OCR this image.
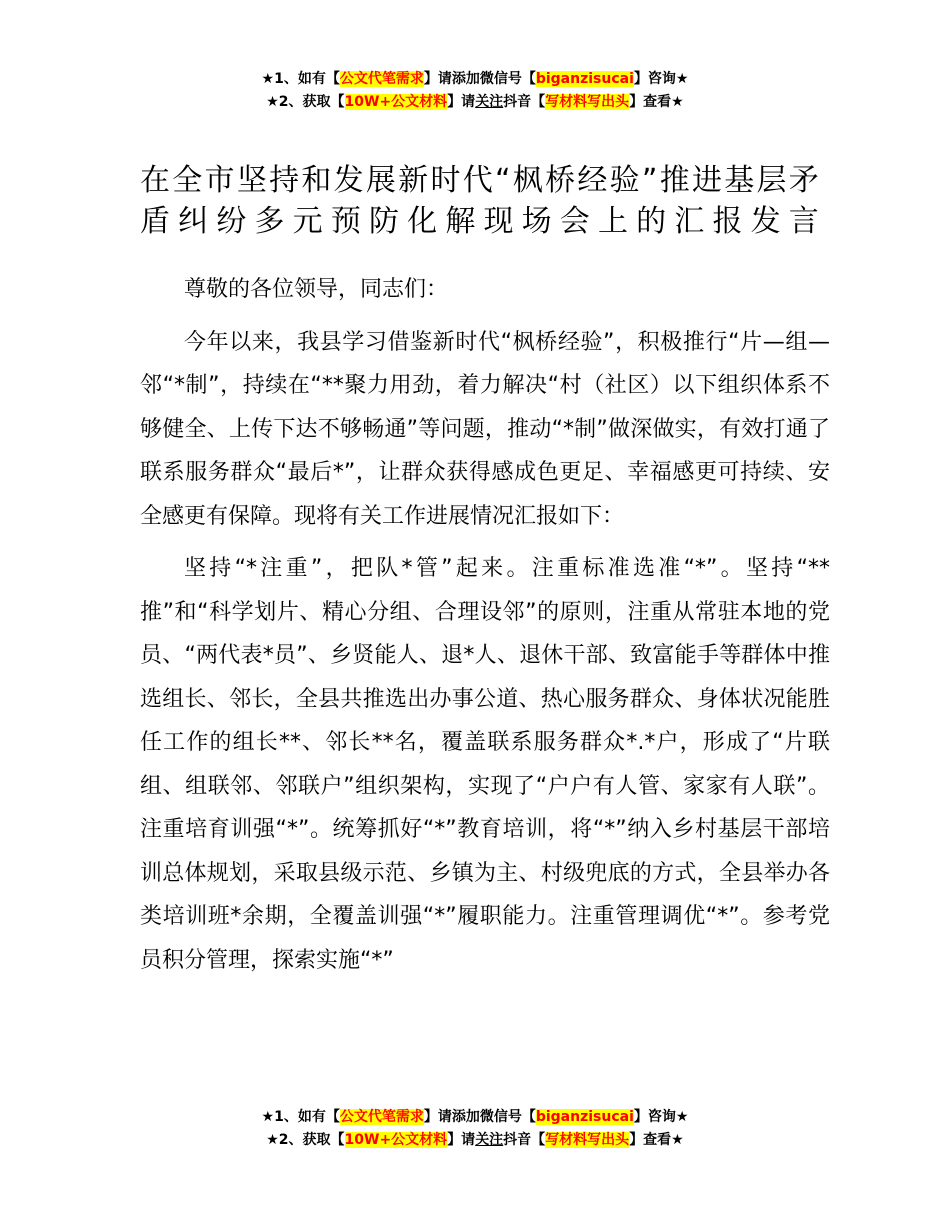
★1、如有【公文代笔需求】请添加微信号【biganzisucai】咨询★
★2、获取【10W+公文材料】请关注抖音【写材料写出头】查看★
在全市坚持和发展新时代“枫桥经验”推进基层矛盾纠纷多元预防化解现场会上的汇报发言

尊敬的各位领导，同志们：

今年以来，我县学习借鉴新时代“枫桥经验”，积极推行“片—组—邻“*制”，持续在“**聚力用劲，着力解决“村（社区）以下组织体系不够健全、上传下达不够畅通”等问题，推动“*制”做深做实，有效打通了联系服务群众“最后*”，让群众获得感成色更足、幸福感更可持续、安全感更有保障。现将有关工作进展情况汇报如下：

坚持“*注重”，把队*管”起来。注重标准选准“*”。坚持“**推”和“科学划片、精心分组、合理设邻”的原则，注重从常驻本地的党员、“两代表*员”、乡贤能人、退*人、退休干部、致富能手等群体中推选组长、邻长，全县共推选出办事公道、热心服务群众、身体状况能胜任工作的组长**、邻长**名，覆盖联系服务群众*.*户，形成了“片联组、组联邻、邻联户”组织架构，实现了“户户有人管、家家有人联”。注重培育训强“*”。统筹抓好“*”教育培训，将“*”纳入乡村基层干部培训总体规划，采取县级示范、乡镇为主、村级兜底的方式，全县举办各类培训班*余期，全覆盖训强“*”履职能力。注重管理调优“*”。参考党员积分管理，探索实施“*”

★1、如有【公文代笔需求】请添加微信号【biganzisucai】咨询★
★2、获取【10W+公文材料】请关注抖音【写材料写出头】查看★
